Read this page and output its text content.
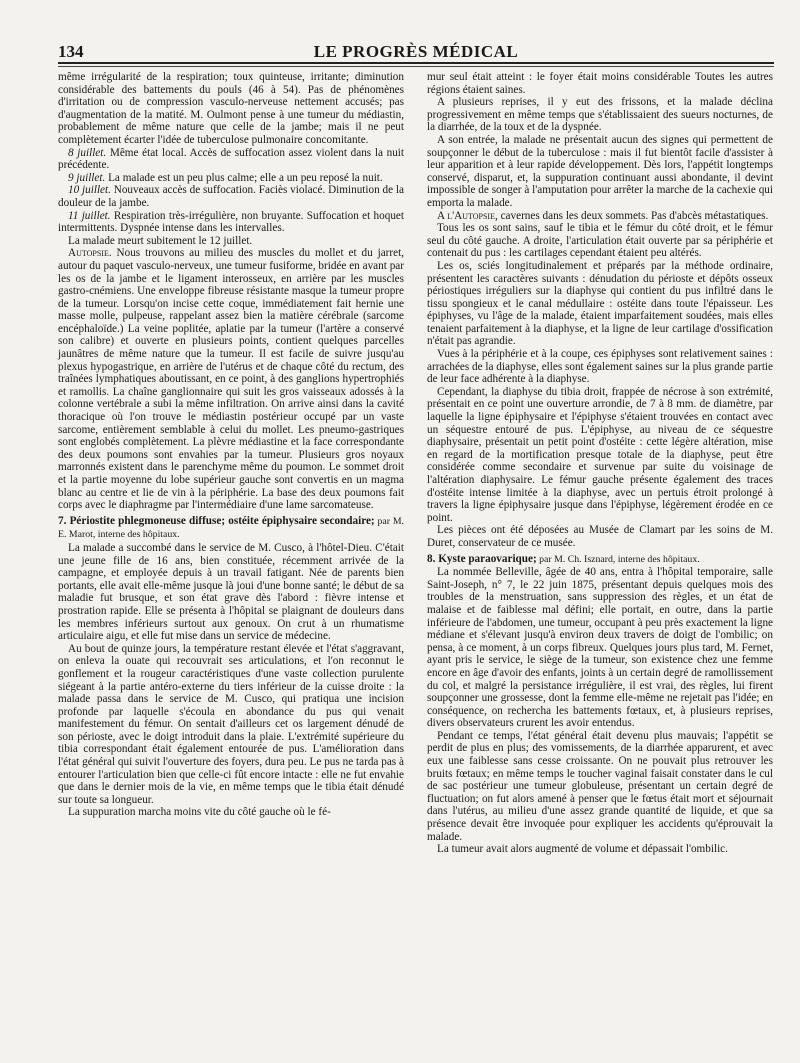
134	LE PROGRÈS MÉDICAL

même irrégularité de la respiration; toux quinteuse, irritante; diminution considérable des battements du pouls (46 à 54). Pas de phénomènes d'irritation ou de compression vasculo-nerveuse nettement accusés; pas d'augmentation de la matité. M. Oulmont pense à une tumeur du médiastin, probablement de même nature que celle de la jambe; mais il ne peut complètement écarter l'idée de tuberculose pulmonaire concomitante.

8 juillet. Même état local. Accès de suffocation assez violent dans la nuit précédente.

9 juillet. La malade est un peu plus calme; elle a un peu reposé la nuit.

10 juillet. Nouveaux accès de suffocation. Faciès violacé. Diminution de la douleur de la jambe.

11 juillet. Respiration très-irrégulière, non bruyante. Suffocation et hoquet intermittents. Dyspnée intense dans les intervalles.

La malade meurt subitement le 12 juillet.

Autopsie. Nous trouvons au milieu des muscles du mollet et du jarret, autour du paquet vasculo-nerveux, une tumeur fusiforme, bridée en avant par les os de la jambe et le ligament interosseux, en arrière par les muscles gastro-cnémiens. Une enveloppe fibreuse résistante masque la tumeur propre de la tumeur. Lorsqu'on incise cette coque, immédiatement fait hernie une masse molle, pulpeuse, rappelant assez bien la matière cérébrale (sarcome encéphaloïde.) La veine poplitée, aplatie par la tumeur (l'artère a conservé son calibre) et ouverte en plusieurs points, contient quelques parcelles jaunâtres de même nature que la tumeur. Il est facile de suivre jusqu'au plexus hypogastrique, en arrière de l'utérus et de chaque côté du rectum, des traînées lymphatiques aboutissant, en ce point, à des ganglions hypertrophiés et ramollis. La chaîne ganglionnaire qui suit les gros vaisseaux adossés à la colonne vertébrale a subi la même infiltration. On arrive ainsi dans la cavité thoracique où l'on trouve le médiastin postérieur occupé par un vaste sarcome, entièrement semblable à celui du mollet. Les pneumo-gastriques sont englobés complètement. La plèvre médiastine et la face correspondante des deux poumons sont envahies par la tumeur. Plusieurs gros noyaux marronnés existent dans le parenchyme même du poumon. Le sommet droit et la partie moyenne du lobe supérieur gauche sont convertis en un magma blanc au centre et lie de vin à la périphérie. La base des deux poumons fait corps avec le diaphragme par l'intermédiaire d'une lame sarcomateuse.

7. Périostite phlegmoneuse diffuse; ostéite épiphysaire secondaire; par M. E. Marot, interne des hôpitaux.

La malade a succombé dans le service de M. Cusco, à l'hôtel-Dieu. C'était une jeune fille de 16 ans, bien constituée, récemment arrivée de la campagne, et employée depuis à un travail fatigant. Née de parents bien portants, elle avait elle-même jusque là joui d'une bonne santé; le début de sa maladie fut brusque, et son état grave dès l'abord : fièvre intense et prostration rapide. Elle se présenta à l'hôpital se plaignant de douleurs dans les membres inférieurs surtout aux genoux. On crut à un rhumatisme articulaire aigu, et elle fut mise dans un service de médecine.

Au bout de quinze jours, la température restant élevée et l'état s'aggravant, on enleva la ouate qui recouvrait ses articulations, et l'on reconnut le gonflement et la rougeur caractéristiques d'une vaste collection purulente siégeant à la partie antéro-externe du tiers inférieur de la cuisse droite : la malade passa dans le service de M. Cusco, qui pratiqua une incision profonde par laquelle s'écoula en abondance du pus qui venait manifestement du fémur. On sentait d'ailleurs cet os largement dénudé de son périoste, avec le doigt introduit dans la plaie. L'extrémité supérieure du tibia correspondant était également entourée de pus. L'amélioration dans l'état général qui suivit l'ouverture des foyers, dura peu. Le pus ne tarda pas à entourer l'articulation bien que celle-ci fût encore intacte : elle ne fut envahie que dans le dernier mois de la vie, en même temps que le tibia était dénudé sur toute sa longueur.

La suppuration marcha moins vite du côté gauche où le fé-

mur seul était atteint : le foyer était moins considérable Toutes les autres régions étaient saines.

A plusieurs reprises, il y eut des frissons, et la malade déclina progressivement en même temps que s'établissaient des sueurs nocturnes, de la diarrhée, de la toux et de la dyspnée.

A son entrée, la malade ne présentait aucun des signes qui permettent de soupçonner le début de la tuberculose : mais il fut bientôt facile d'assister à leur apparition et à leur rapide développement. Dès lors, l'appétit longtemps conservé, disparut, et, la suppuration continuant aussi abondante, il devint impossible de songer à l'amputation pour arrêter la marche de la cachexie qui emporta la malade.

A l'Autopsie, cavernes dans les deux sommets. Pas d'abcès métastatiques.

Tous les os sont sains, sauf le tibia et le fémur du côté droit, et le fémur seul du côté gauche. A droite, l'articulation était ouverte par sa périphérie et contenait du pus : les cartilages cependant étaient peu altérés.

Les os, sciés longitudinalement et préparés par la méthode ordinaire, présentent les caractères suivants : dénudation du périoste et dépôts osseux périostiques irréguliers sur la diaphyse qui contient du pus infiltré dans le tissu spongieux et le canal médullaire : ostéite dans toute l'épaisseur. Les épiphyses, vu l'âge de la malade, étaient imparfaitement soudées, mais elles tenaient parfaitement à la diaphyse, et la ligne de leur cartilage d'ossification n'était pas agrandie.

Vues à la périphérie et à la coupe, ces épiphyses sont relativement saines : arrachées de la diaphyse, elles sont également saines sur la plus grande partie de leur face adhérente à la diaphyse.

Cependant, la diaphyse du tibia droit, frappée de nécrose à son extrémité, présentait en ce point une ouverture arrondie, de 7 à 8 mm. de diamètre, par laquelle la ligne épiphysaire et l'épiphyse s'étaient trouvées en contact avec un séquestre entouré de pus. L'épiphyse, au niveau de ce séquestre diaphysaire, présentait un petit point d'ostéite : cette légère altération, mise en regard de la mortification presque totale de la diaphyse, peut être considérée comme secondaire et survenue par suite du voisinage de l'altération diaphysaire. Le fémur gauche présente également des traces d'ostéite intense limitée à la diaphyse, avec un pertuis étroit prolongé à travers la ligne épiphysaire jusque dans l'épiphyse, légèrement érodée en ce point.

Les pièces ont été déposées au Musée de Clamart par les soins de M. Duret, conservateur de ce musée.

8. Kyste paraovarique; par M. Ch. Isznard, interne des hôpitaux.

La nommée Belleville, âgée de 40 ans, entra à l'hôpital temporaire, salle Saint-Joseph, n° 7, le 22 juin 1875, présentant depuis quelques mois des troubles de la menstruation, sans suppression des règles, et un état de malaise et de faiblesse mal défini; elle portait, en outre, dans la partie inférieure de l'abdomen, une tumeur, occupant à peu près exactement la ligne médiane et s'élevant jusqu'à environ deux travers de doigt de l'ombilic; on pensa, à ce moment, à un corps fibreux. Quelques jours plus tard, M. Fernet, ayant pris le service, le siège de la tumeur, son existence chez une femme encore en âge d'avoir des enfants, joints à un certain degré de ramollissement du col, et malgré la persistance irrégulière, il est vrai, des règles, lui firent soupçonner une grossesse, dont la femme elle-même ne rejetait pas l'idée; en conséquence, on rechercha les battements fœtaux, et, à plusieurs reprises, divers observateurs crurent les avoir entendus.

Pendant ce temps, l'état général était devenu plus mauvais; l'appétit se perdit de plus en plus; des vomissements, de la diarrhée apparurent, et avec eux une faiblesse sans cesse croissante. On ne pouvait plus retrouver les bruits fœtaux; en même temps le toucher vaginal faisait constater dans le cul de sac postérieur une tumeur globuleuse, présentant un certain degré de fluctuation; on fut alors amené à penser que le fœtus était mort et séjournait dans l'utérus, au milieu d'une assez grande quantité de liquide, et que sa présence devait être invoquée pour expliquer les accidents qu'éprouvait la malade.

La tumeur avait alors augmenté de volume et dépassait l'ombilic.
